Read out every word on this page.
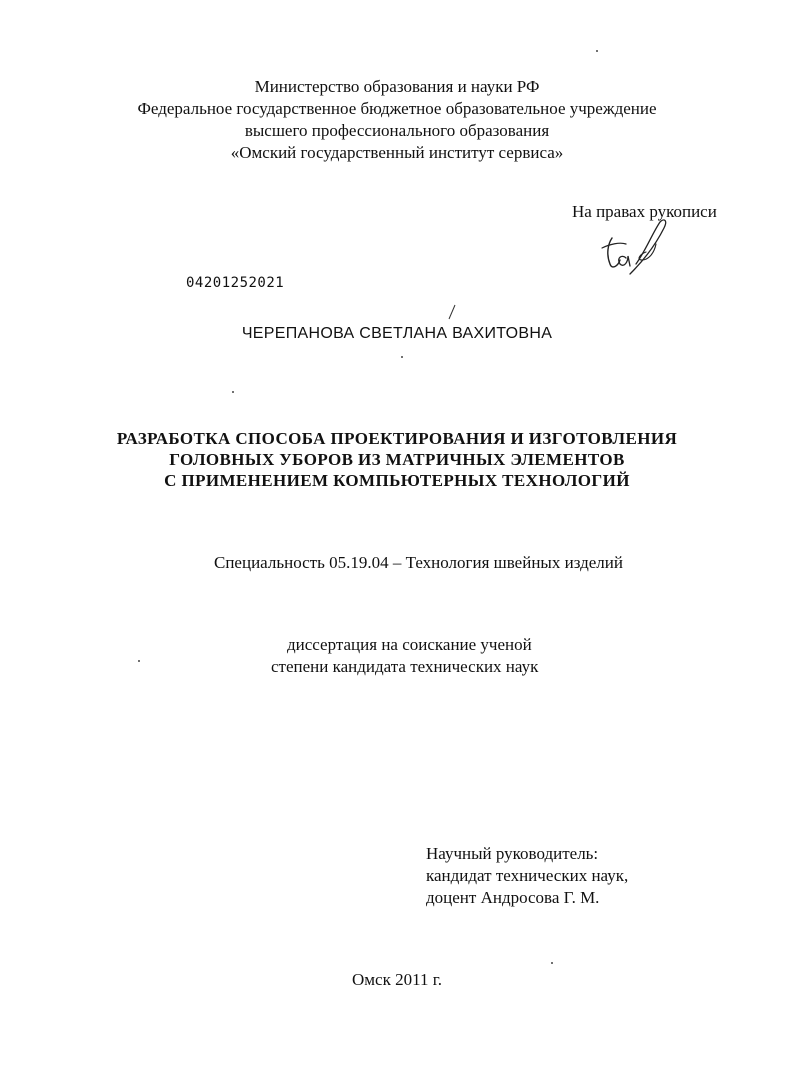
Министерство образования и науки РФ
Федеральное государственное бюджетное образовательное учреждение
высшего профессионального образования
«Омский государственный институт сервиса»
На правах рукописи
04201252021
ЧЕРЕПАНОВА СВЕТЛАНА ВАХИТОВНА
РАЗРАБОТКА СПОСОБА ПРОЕКТИРОВАНИЯ И ИЗГОТОВЛЕНИЯ
ГОЛОВНЫХ УБОРОВ ИЗ МАТРИЧНЫХ ЭЛЕМЕНТОВ
С ПРИМЕНЕНИЕМ КОМПЬЮТЕРНЫХ ТЕХНОЛОГИЙ
Специальность 05.19.04 – Технология швейных изделий
диссертация на соискание ученой
степени кандидата технических наук
Научный руководитель:
кандидат технических наук,
доцент Андросова Г. М.
Омск 2011 г.
